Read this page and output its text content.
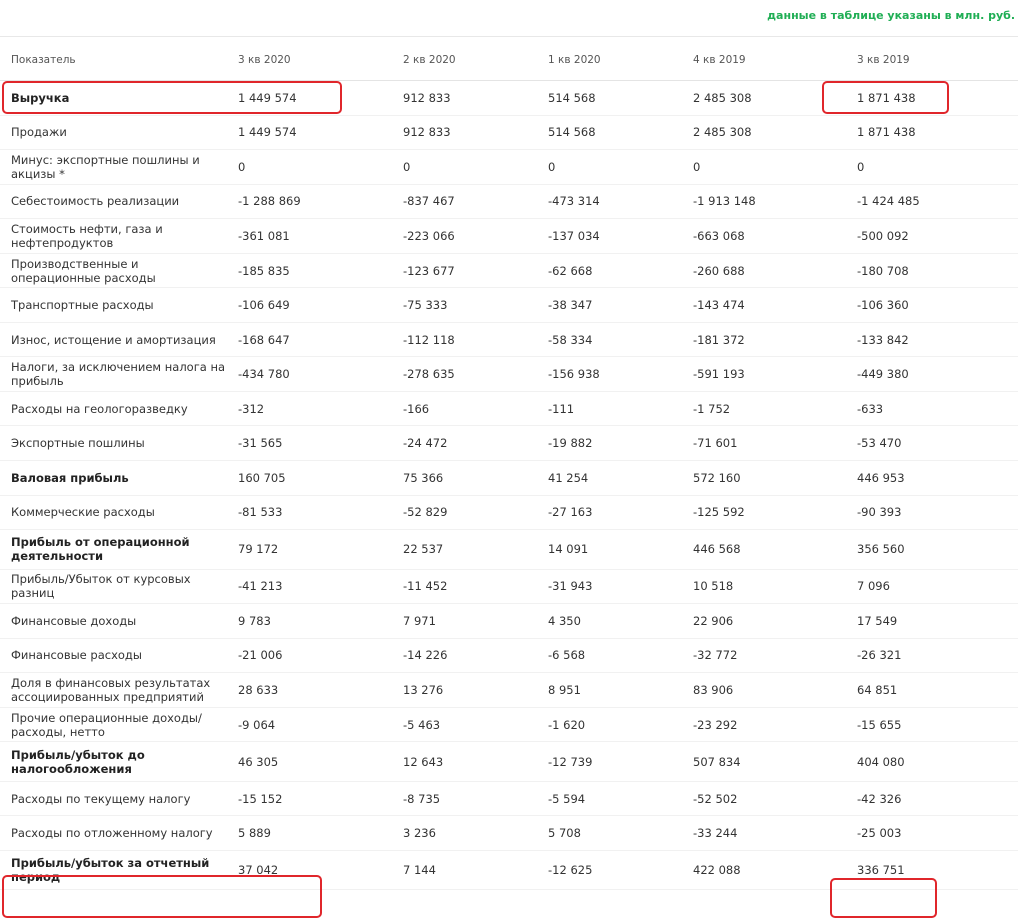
данные в таблице указаны в млн. руб.
Показатель	3 кв 2020	2 кв 2020	1 кв 2020	4 кв 2019	3 кв 2019
Выручка	1 449 574	912 833	514 568	2 485 308	1 871 438
Продажи	1 449 574	912 833	514 568	2 485 308	1 871 438
Минус: экспортные пошлины и акцизы *	0	0	0	0	0
Себестоимость реализации	-1 288 869	-837 467	-473 314	-1 913 148	-1 424 485
Стоимость нефти, газа и нефтепродуктов	-361 081	-223 066	-137 034	-663 068	-500 092
Производственные и операционные расходы	-185 835	-123 677	-62 668	-260 688	-180 708
Транспортные расходы	-106 649	-75 333	-38 347	-143 474	-106 360
Износ, истощение и амортизация	-168 647	-112 118	-58 334	-181 372	-133 842
Налоги, за исключением налога на прибыль	-434 780	-278 635	-156 938	-591 193	-449 380
Расходы на геологоразведку	-312	-166	-111	-1 752	-633
Экспортные пошлины	-31 565	-24 472	-19 882	-71 601	-53 470
Валовая прибыль	160 705	75 366	41 254	572 160	446 953
Коммерческие расходы	-81 533	-52 829	-27 163	-125 592	-90 393
Прибыль от операционной деятельности	79 172	22 537	14 091	446 568	356 560
Прибыль/Убыток от курсовых разниц	-41 213	-11 452	-31 943	10 518	7 096
Финансовые доходы	9 783	7 971	4 350	22 906	17 549
Финансовые расходы	-21 006	-14 226	-6 568	-32 772	-26 321
Доля в финансовых результатах ассоциированных предприятий	28 633	13 276	8 951	83 906	64 851
Прочие операционные доходы/ расходы, нетто	-9 064	-5 463	-1 620	-23 292	-15 655
Прибыль/убыток до налогообложения	46 305	12 643	-12 739	507 834	404 080
Расходы по текущему налогу	-15 152	-8 735	-5 594	-52 502	-42 326
Расходы по отложенному налогу	5 889	3 236	5 708	-33 244	-25 003
Прибыль/убыток за отчетный период	37 042	7 144	-12 625	422 088	336 751
